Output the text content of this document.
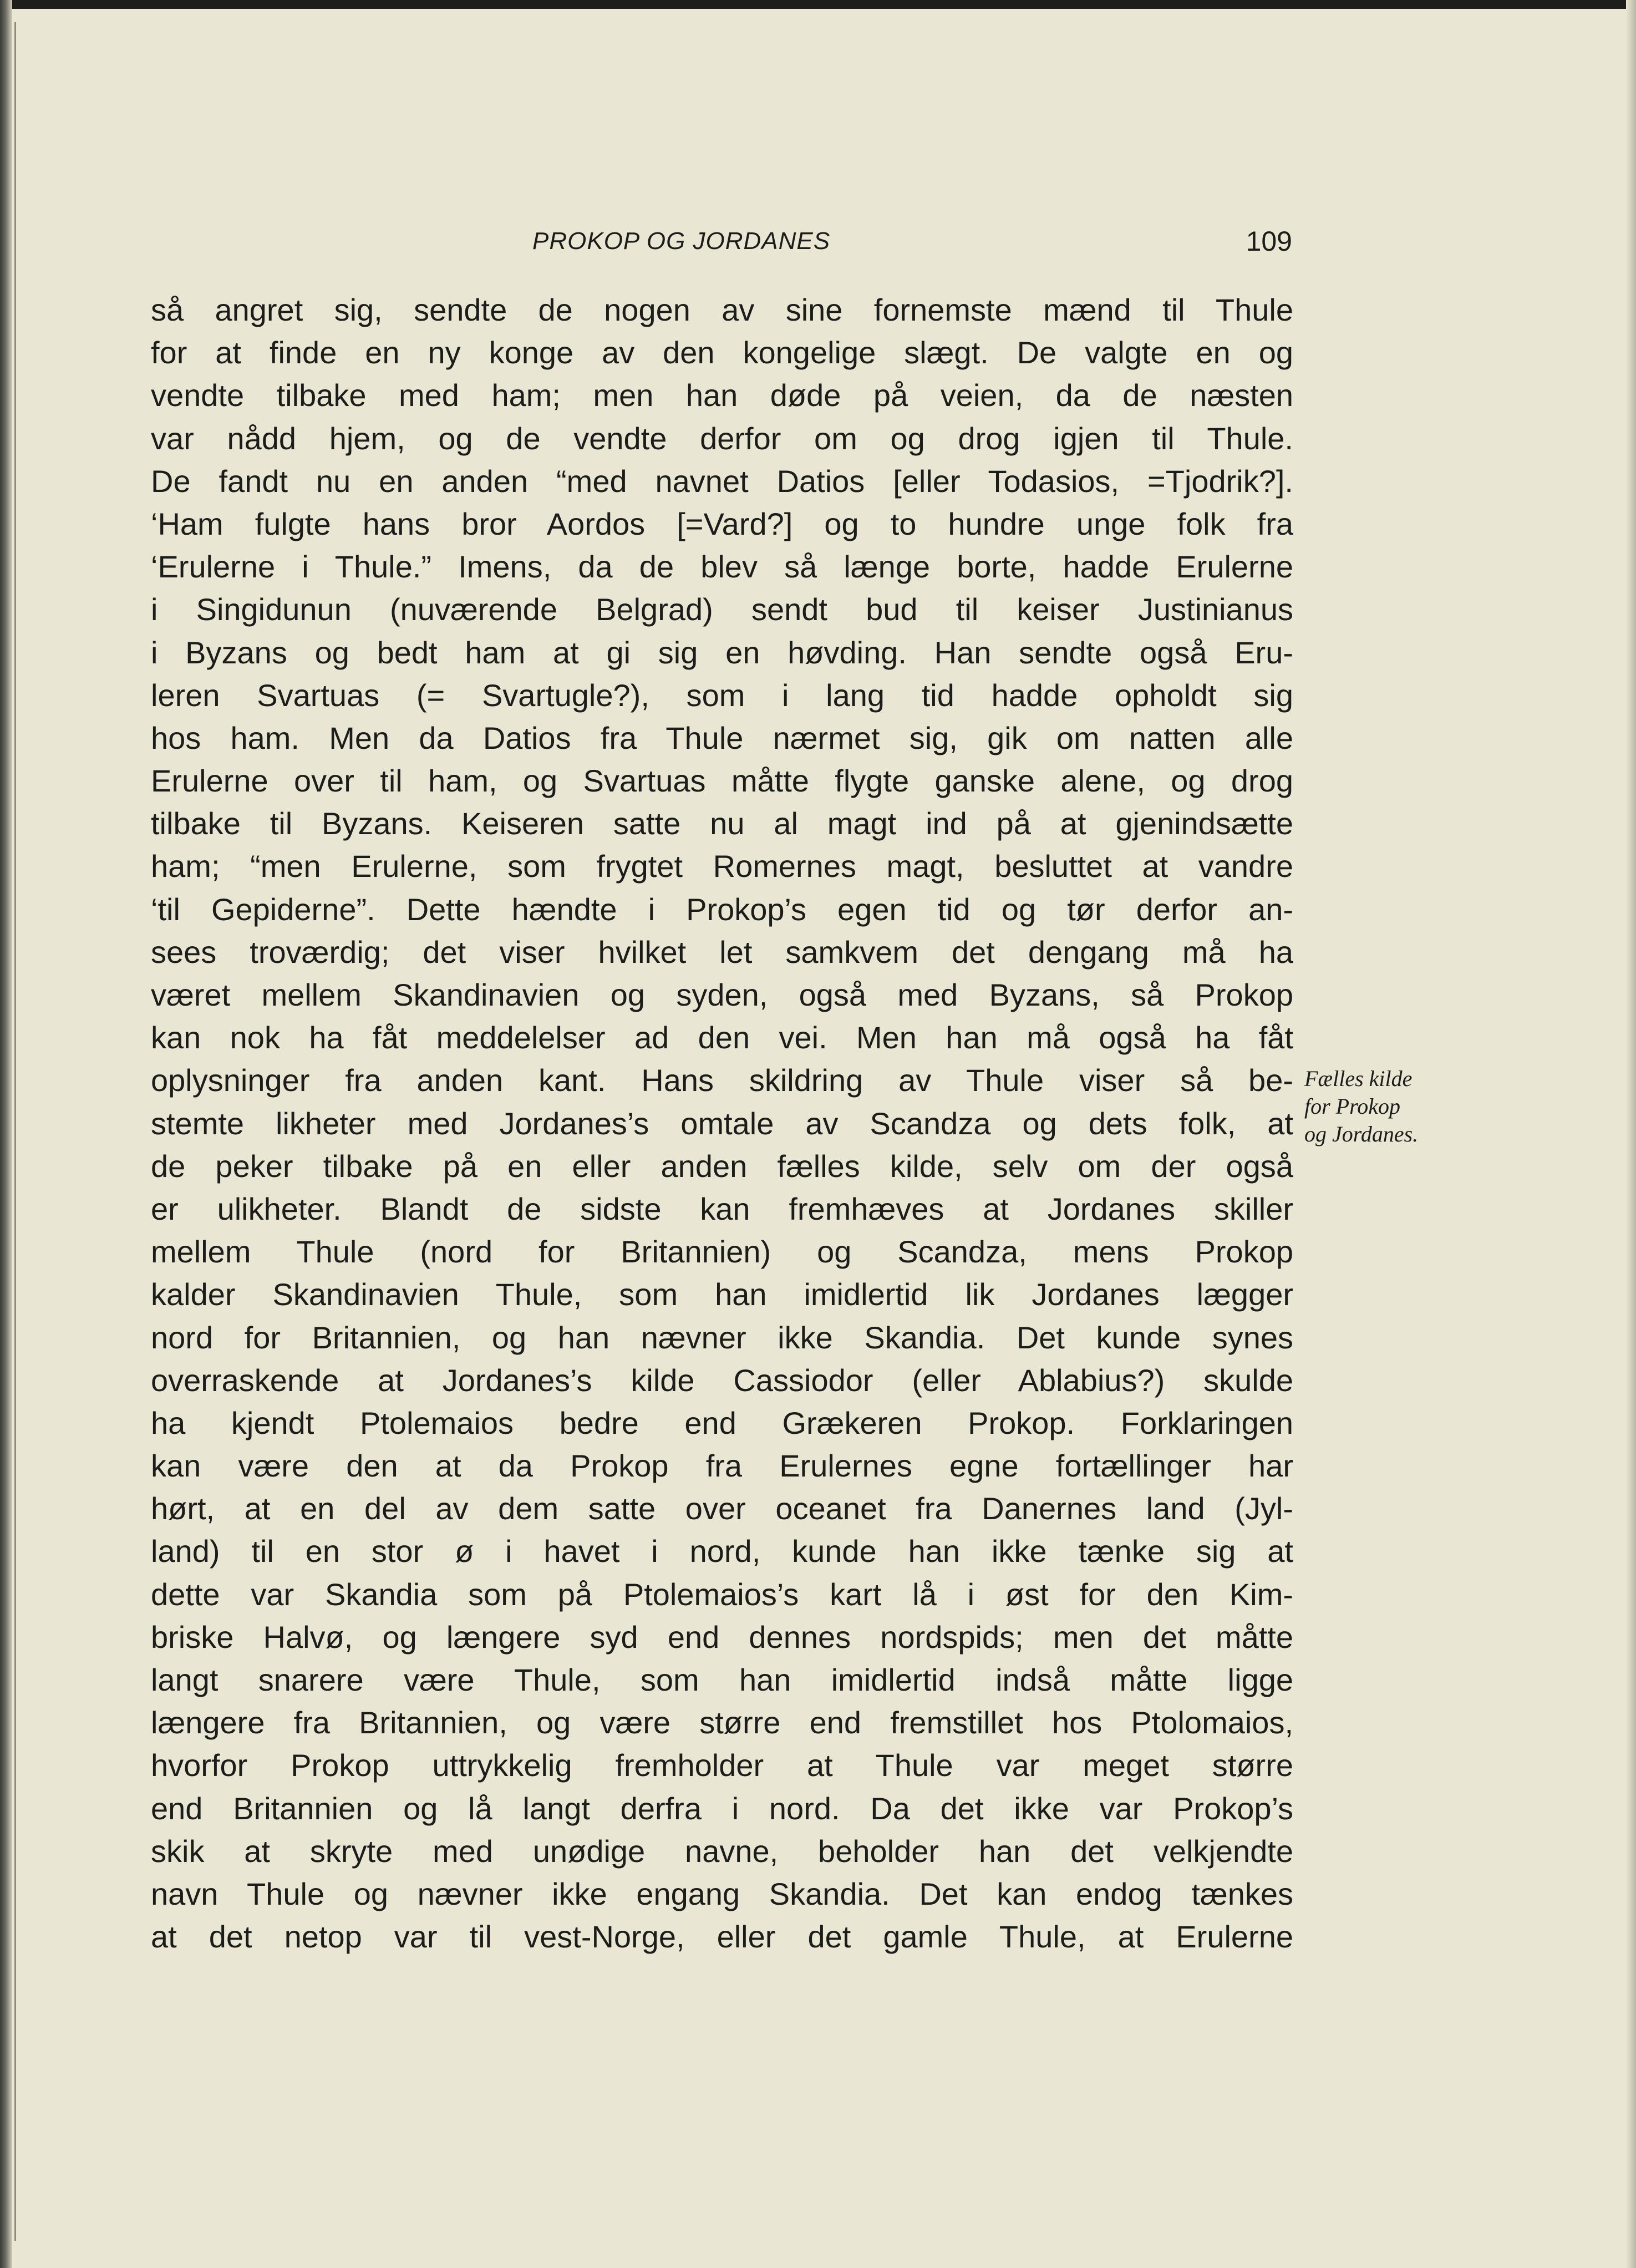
PROKOP OG JORDANES	109
så angret sig, sendte de nogen av sine fornemste mænd til Thule
for at finde en ny konge av den kongelige slægt. De valgte en og
vendte tilbake med ham; men han døde på veien, da de næsten
var nådd hjem, og de vendte derfor om og drog igjen til Thule.
De fandt nu en anden “med navnet Datios [eller Todasios, =Tjodrik?].
‘Ham fulgte hans bror Aordos [=Vard?] og to hundre unge folk fra
‘Erulerne i Thule.” Imens, da de blev så længe borte, hadde Erulerne
i Singidunun (nuværende Belgrad) sendt bud til keiser Justinianus
i Byzans og bedt ham at gi sig en høvding. Han sendte også Eru-
leren Svartuas (= Svartugle?), som i lang tid hadde opholdt sig
hos ham. Men da Datios fra Thule nærmet sig, gik om natten alle
Erulerne over til ham, og Svartuas måtte flygte ganske alene, og drog
tilbake til Byzans. Keiseren satte nu al magt ind på at gjenindsætte
ham; “men Erulerne, som frygtet Romernes magt, besluttet at vandre
‘til Gepiderne”. Dette hændte i Prokop’s egen tid og tør derfor an-
sees troværdig; det viser hvilket let samkvem det dengang må ha
været mellem Skandinavien og syden, også med Byzans, så Prokop
kan nok ha fåt meddelelser ad den vei. Men han må også ha fåt
oplysninger fra anden kant. Hans skildring av Thule viser så be-
stemte likheter med Jordanes’s omtale av Scandza og dets folk, at
de peker tilbake på en eller anden fælles kilde, selv om der også
er ulikheter. Blandt de sidste kan fremhæves at Jordanes skiller
mellem Thule (nord for Britannien) og Scandza, mens Prokop
kalder Skandinavien Thule, som han imidlertid lik Jordanes lægger
nord for Britannien, og han nævner ikke Skandia. Det kunde synes
overraskende at Jordanes’s kilde Cassiodor (eller Ablabius?) skulde
ha kjendt Ptolemaios bedre end Grækeren Prokop. Forklaringen
kan være den at da Prokop fra Erulernes egne fortællinger har
hørt, at en del av dem satte over oceanet fra Danernes land (Jyl-
land) til en stor ø i havet i nord, kunde han ikke tænke sig at
dette var Skandia som på Ptolemaios’s kart lå i øst for den Kim-
briske Halvø, og længere syd end dennes nordspids; men det måtte
langt snarere være Thule, som han imidlertid indså måtte ligge
længere fra Britannien, og være større end fremstillet hos Ptolomaios,
hvorfor Prokop uttrykkelig fremholder at Thule var meget større
end Britannien og lå langt derfra i nord. Da det ikke var Prokop’s
skik at skryte med unødige navne, beholder han det velkjendte
navn Thule og nævner ikke engang Skandia. Det kan endog tænkes
at det netop var til vest-Norge, eller det gamle Thule, at Erulerne
Fælles kilde
for Prokop
og Jordanes.
